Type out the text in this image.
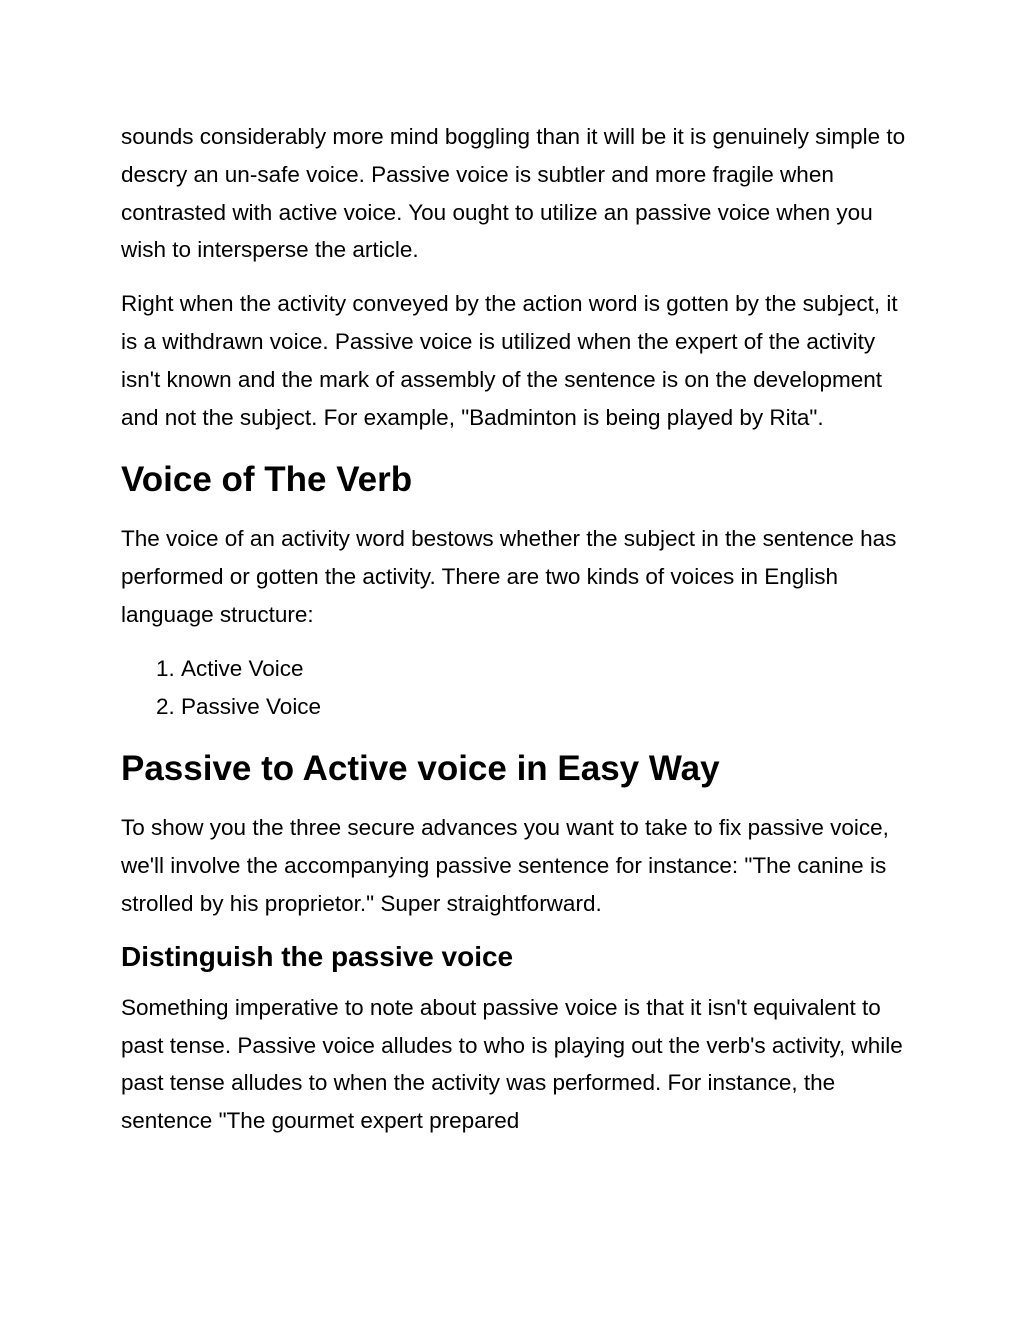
sounds considerably more mind boggling than it will be it is genuinely simple to descry an un-safe voice. Passive voice is subtler and more fragile when contrasted with active voice. You ought to utilize an passive voice when you wish to intersperse the article.

Right when the activity conveyed by the action word is gotten by the subject, it is a withdrawn voice. Passive voice is utilized when the expert of the activity isn't known and the mark of assembly of the sentence is on the development and not the subject. For example, "Badminton is being played by Rita".

Voice of The Verb

The voice of an activity word bestows whether the subject in the sentence has performed or gotten the activity. There are two kinds of voices in English language structure:

1. Active Voice
2. Passive Voice
Passive to Active voice in Easy Way

To show you the three secure advances you want to take to fix passive voice, we'll involve the accompanying passive sentence for instance: "The canine is strolled by his proprietor." Super straightforward.

Distinguish the passive voice

Something imperative to note about passive voice is that it isn't equivalent to past tense. Passive voice alludes to who is playing out the verb's activity, while past tense alludes to when the activity was performed. For instance, the sentence "The gourmet expert prepared
